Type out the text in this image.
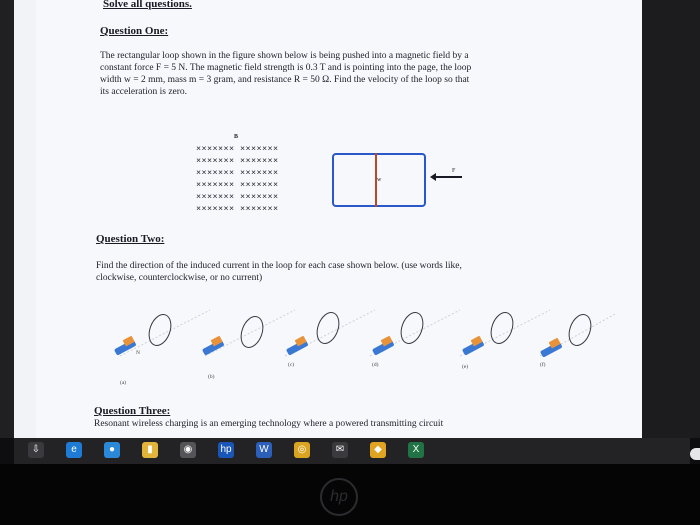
Solve all questions.
Question One:
The rectangular loop shown in the figure shown below is being pushed into a magnetic field by a
constant force F = 5 N. The magnetic field strength is 0.3 T and is pointing into the page, the loop
width w = 2 mm, mass m = 3 gram, and resistance R = 50 Ω. Find the velocity of the loop so that
its acceleration is zero.
B
××××××× ×××××××
××××××× ×××××××
××××××× ×××××××
××××××× ×××××××
××××××× ×××××××
××××××× ×××××××
w
F
Question Two:
Find the direction of the induced current in the loop for each case shown below. (use words like,
clockwise, counterclockwise, or no current)
(a)
(b)
(c)	(d)	(e)	(f)
N
Question Three:
Resonant wireless charging is an emerging technology where a powered transmitting circuit
⇩	e	●	▮	◉	hp	W	◎	✉	◆	X
hp
